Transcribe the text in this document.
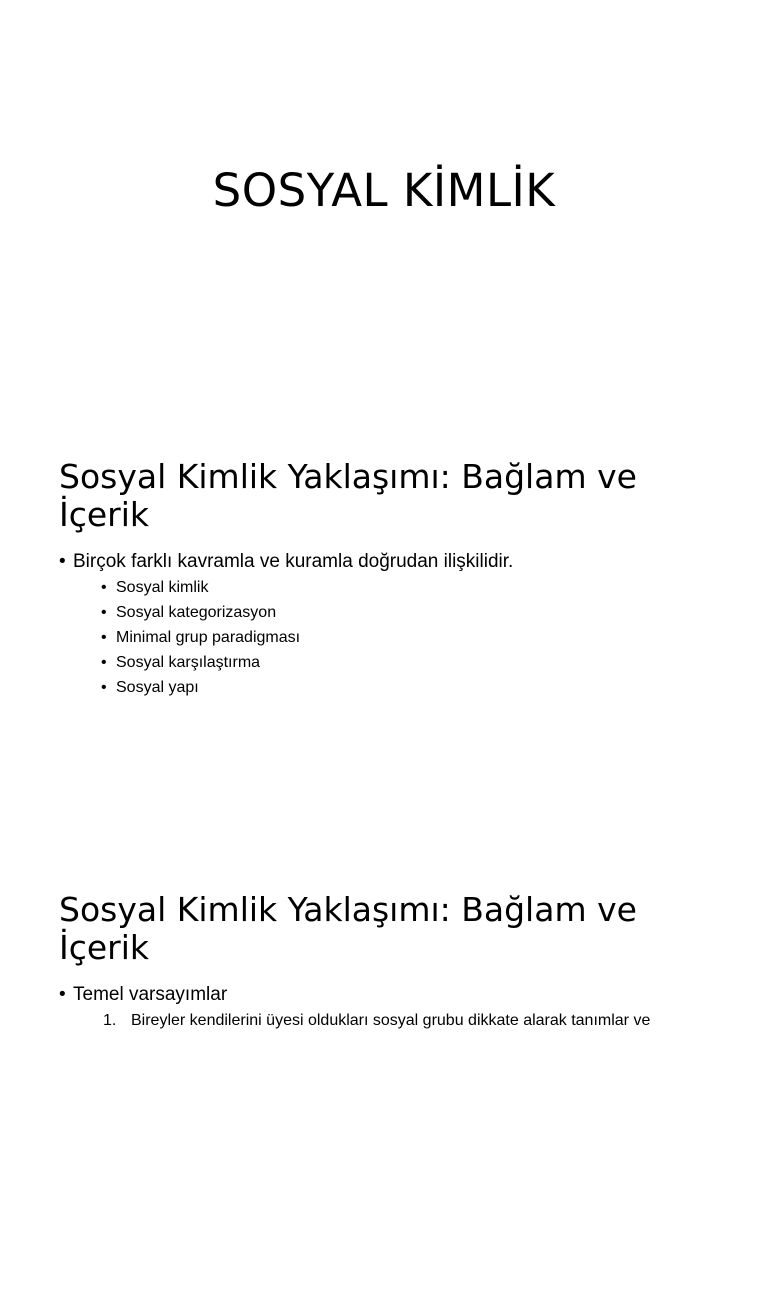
SOSYAL KİMLİK
Sosyal Kimlik Yaklaşımı: Bağlam ve
İçerik
• Birçok farklı kavramla ve kuramla doğrudan ilişkilidir.
• Sosyal kimlik
• Sosyal kategorizasyon
• Minimal grup paradigması
• Sosyal karşılaştırma
• Sosyal yapı
Sosyal Kimlik Yaklaşımı: Bağlam ve
İçerik
• Temel varsayımlar
1. Bireyler kendilerini üyesi oldukları sosyal grubu dikkate alarak tanımlar ve
